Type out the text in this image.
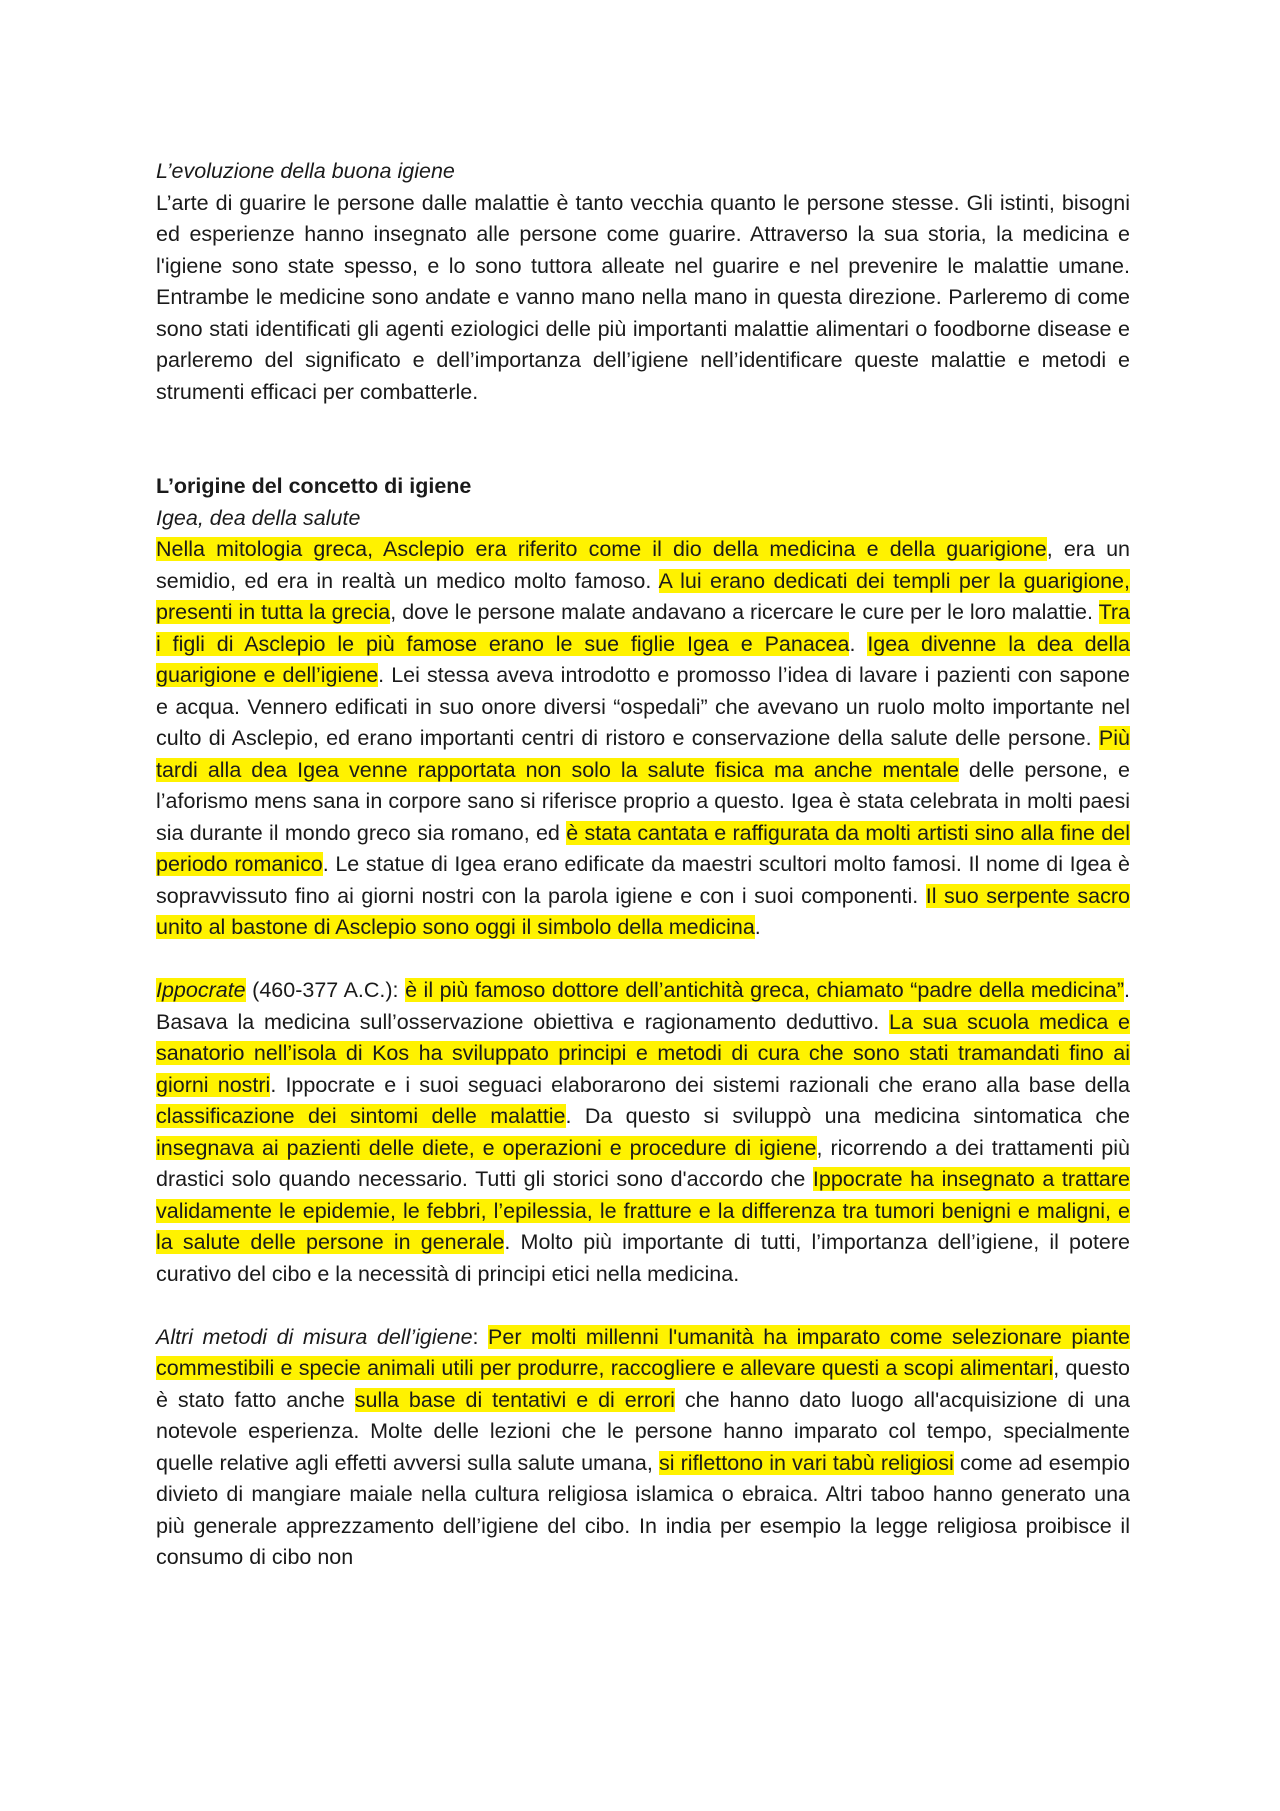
L’evoluzione della buona igiene

L’arte di guarire le persone dalle malattie è tanto vecchia quanto le persone stesse. Gli istinti, bisogni ed esperienze hanno insegnato alle persone come guarire. Attraverso la sua storia, la medicina e l'igiene sono state spesso, e lo sono tuttora alleate nel guarire e nel prevenire le malattie umane. Entrambe le medicine sono andate e vanno mano nella mano in questa direzione. Parleremo di come sono stati identificati gli agenti eziologici delle più importanti malattie alimentari o foodborne disease e parleremo del significato e dell’importanza dell’igiene nell’identificare queste malattie e metodi e strumenti efficaci per combatterle.

L’origine del concetto di igiene
Igea, dea della salute

Nella mitologia greca, Asclepio era riferito come il dio della medicina e della guarigione, era un semidio, ed era in realtà un medico molto famoso. A lui erano dedicati dei templi per la guarigione, presenti in tutta la grecia, dove le persone malate andavano a ricercare le cure per le loro malattie. Tra i figli di Asclepio le più famose erano le sue figlie Igea e Panacea. Igea divenne la dea della guarigione e dell’igiene. Lei stessa aveva introdotto e promosso l’idea di lavare i pazienti con sapone e acqua. Vennero edificati in suo onore diversi “ospedali” che avevano un ruolo molto importante nel culto di Asclepio, ed erano importanti centri di ristoro e conservazione della salute delle persone. Più tardi alla dea Igea venne rapportata non solo la salute fisica ma anche mentale delle persone, e l’aforismo mens sana in corpore sano si riferisce proprio a questo. Igea è stata celebrata in molti paesi sia durante il mondo greco sia romano, ed è stata cantata e raffigurata da molti artisti sino alla fine del periodo romanico. Le statue di Igea erano edificate da maestri scultori molto famosi. Il nome di Igea è sopravvissuto fino ai giorni nostri con la parola igiene e con i suoi componenti. Il suo serpente sacro unito al bastone di Asclepio sono oggi il simbolo della medicina.

Ippocrate (460-377 A.C.): è il più famoso dottore dell’antichità greca, chiamato “padre della medicina”. Basava la medicina sull’osservazione obiettiva e ragionamento deduttivo. La sua scuola medica e sanatorio nell’isola di Kos ha sviluppato principi e metodi di cura che sono stati tramandati fino ai giorni nostri. Ippocrate e i suoi seguaci elaborarono dei sistemi razionali che erano alla base della classificazione dei sintomi delle malattie. Da questo si sviluppò una medicina sintomatica che insegnava ai pazienti delle diete, e operazioni e procedure di igiene, ricorrendo a dei trattamenti più drastici solo quando necessario. Tutti gli storici sono d'accordo che Ippocrate ha insegnato a trattare validamente le epidemie, le febbri, l’epilessia, le fratture e la differenza tra tumori benigni e maligni, e la salute delle persone in generale. Molto più importante di tutti, l’importanza dell’igiene, il potere curativo del cibo e la necessità di principi etici nella medicina.

Altri metodi di misura dell’igiene: Per molti millenni l'umanità ha imparato come selezionare piante commestibili e specie animali utili per produrre, raccogliere e allevare questi a scopi alimentari, questo è stato fatto anche sulla base di tentativi e di errori che hanno dato luogo all'acquisizione di una notevole esperienza. Molte delle lezioni che le persone hanno imparato col tempo, specialmente quelle relative agli effetti avversi sulla salute umana, si riflettono in vari tabù religiosi come ad esempio divieto di mangiare maiale nella cultura religiosa islamica o ebraica. Altri taboo hanno generato una più generale apprezzamento dell’igiene del cibo. In india per esempio la legge religiosa proibisce il consumo di cibo non
